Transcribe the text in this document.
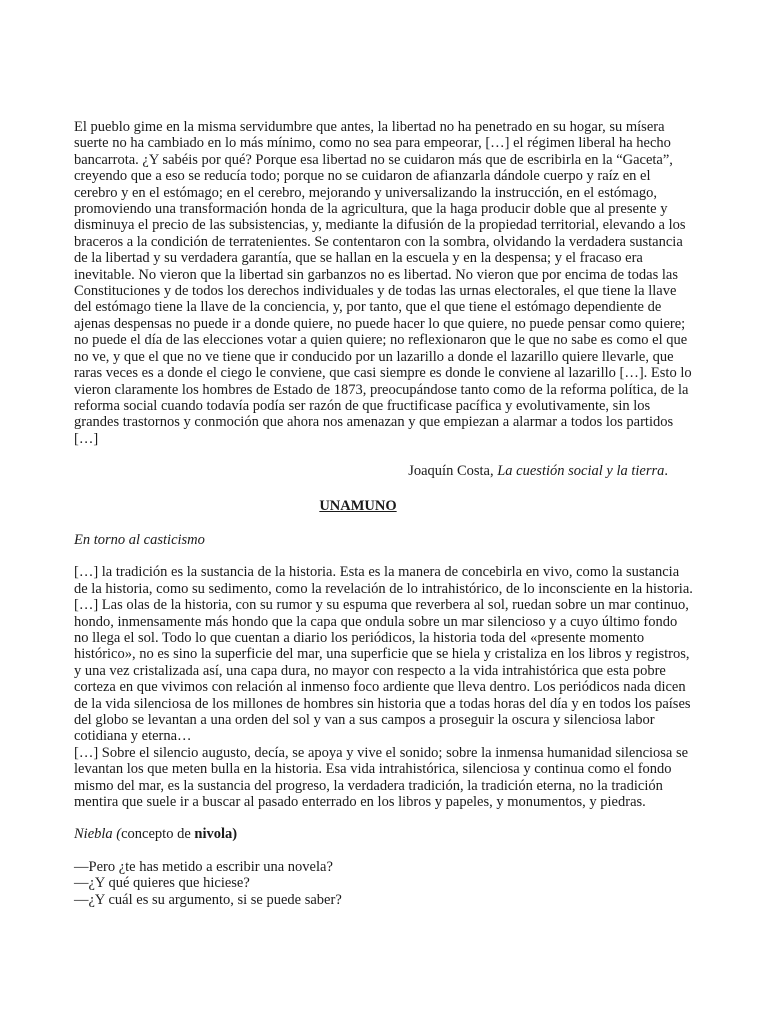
El pueblo gime en la misma servidumbre que antes, la libertad no ha penetrado en su hogar, su mísera suerte no ha cambiado en lo más mínimo, como no sea para empeorar, […] el régimen liberal ha hecho bancarrota. ¿Y sabéis por qué? Porque esa libertad no se cuidaron más que de escribirla en la “Gaceta”, creyendo que a eso se reducía todo; porque no se cuidaron de afianzarla dándole cuerpo y raíz en el cerebro y en el estómago; en el cerebro, mejorando y universalizando la instrucción, en el estómago, promoviendo una transformación honda de la agricultura, que la haga producir doble que al presente y disminuya el precio de las subsistencias, y, mediante la difusión de la propiedad territorial, elevando a los braceros a la condición de terratenientes. Se contentaron con la sombra, olvidando la verdadera sustancia de la libertad y su verdadera garantía, que se hallan en la escuela y en la despensa; y el fracaso era inevitable. No vieron que la libertad sin garbanzos no es libertad. No vieron que por encima de todas las Constituciones y de todos los derechos individuales y de todas las urnas electorales, el que tiene la llave del estómago tiene la llave de la conciencia, y, por tanto, que el que tiene el estómago dependiente de ajenas despensas no puede ir a donde quiere, no puede hacer lo que quiere, no puede pensar como quiere; no puede el día de las elecciones votar a quien quiere; no reflexionaron que le que no sabe es como el que no ve, y que el que no ve tiene que ir conducido por un lazarillo a donde el lazarillo quiere llevarle, que raras veces es a donde el ciego le conviene, que casi siempre es donde le conviene al lazarillo […]. Esto lo vieron claramente los hombres de Estado de 1873, preocupándose tanto como de la reforma política, de la reforma social cuando todavía podía ser razón de que fructificase pacífica y evolutivamente, sin los grandes trastornos y conmoción que ahora nos amenazan y que empiezan a alarmar a todos los partidos […]

Joaquín Costa, La cuestión social y la tierra.

UNAMUNO

En torno al casticismo

[…] la tradición es la sustancia de la historia. Esta es la manera de concebirla en vivo, como la sustancia de la historia, como su sedimento, como la revelación de lo intrahistórico, de lo inconsciente en la historia. […] Las olas de la historia, con su rumor y su espuma que reverbera al sol, ruedan sobre un mar continuo, hondo, inmensamente más hondo que la capa que ondula sobre un mar silencioso y a cuyo último fondo no llega el sol. Todo lo que cuentan a diario los periódicos, la historia toda del «presente momento histórico», no es sino la superficie del mar, una superficie que se hiela y cristaliza en los libros y registros, y una vez cristalizada así, una capa dura, no mayor con respecto a la vida intrahistórica que esta pobre corteza en que vivimos con relación al inmenso foco ardiente que lleva dentro. Los periódicos nada dicen de la vida silenciosa de los millones de hombres sin historia que a todas horas del día y en todos los países del globo se levantan a una orden del sol y van a sus campos a proseguir la oscura y silenciosa labor cotidiana y eterna…

[…] Sobre el silencio augusto, decía, se apoya y vive el sonido; sobre la inmensa humanidad silenciosa se levantan los que meten bulla en la historia. Esa vida intrahistórica, silenciosa y continua como el fondo mismo del mar, es la sustancia del progreso, la verdadera tradición, la tradición eterna, no la tradición mentira que suele ir a buscar al pasado enterrado en los libros y papeles, y monumentos, y piedras.

Niebla (concepto de nivola)

—Pero ¿te has metido a escribir una novela?

—¿Y qué quieres que hiciese?

—¿Y cuál es su argumento, si se puede saber?
